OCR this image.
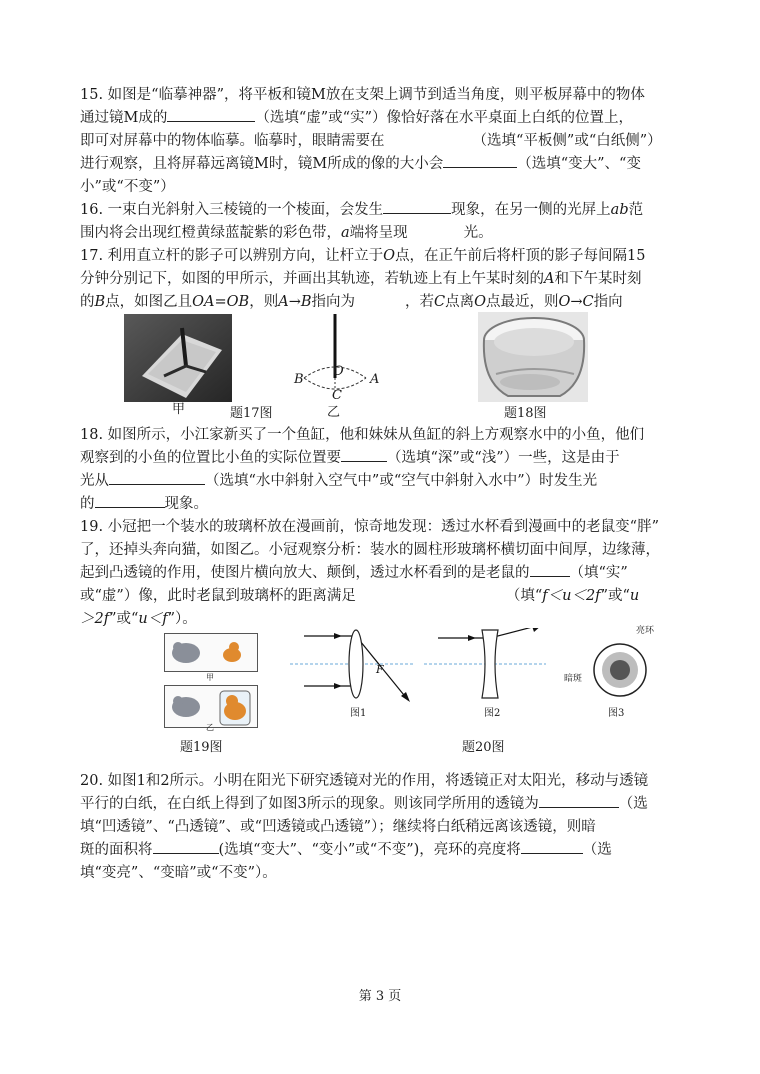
15. 如图是“临摹神器”，将平板和镜M放在支架上调节到适当角度，则平板屏幕中的物体

通过镜M成的	（选填“虚”或“实”）像恰好落在水平桌面上白纸的位置上，

即可对屏幕中的物体临摹。临摹时，眼睛需要在	（选填“平板侧”或“白纸侧”）

进行观察，且将屏幕远离镜M时，镜M所成的像的大小会	（选填“变大”、“变

小”或“不变”）

16. 一束白光斜射入三棱镜的一个棱面，会发生	现象，在另一侧的光屏上ab范

围内将会出现红橙黄绿蓝靛紫的彩色带，a端将呈现	光。

17. 利用直立杆的影子可以辨别方向，让杆立于O点，在正午前后将杆顶的影子每间隔15

分钟分别记下，如图的甲所示，并画出其轨迹，若轨迹上有上午某时刻的A和下午某时刻

的B点，如图乙且OA=OB，则A→B指向为	，若C点离O点最近，则O→C指向

甲	题17图
B
O
A
C
乙	题18图

18. 如图所示，小江家新买了一个鱼缸，他和妹妹从鱼缸的斜上方观察水中的小鱼，他们

观察到的小鱼的位置比小鱼的实际位置要	（选填“深”或“浅”）一些，这是由于

光从	（选填“水中斜射入空气中”或“空气中斜射入水中”）时发生光

的	现象。

19. 小冠把一个装水的玻璃杯放在漫画前，惊奇地发现：透过水杯看到漫画中的老鼠变“胖”

了，还掉头奔向猫，如图乙。小冠观察分析：装水的圆柱形玻璃杯横切面中间厚，边缘薄，

起到凸透镜的作用，使图片横向放大、颠倒，透过水杯看到的是老鼠的	（填“实”

或“虚”）像，此时老鼠到玻璃杯的距离满足	（填“f＜u＜2f”或“u

＞2f”或“u＜f”）。

甲
乙
题19图
F
图1	图2
亮环
暗斑
图3
题20图

20. 如图1和2所示。小明在阳光下研究透镜对光的作用，将透镜正对太阳光，移动与透镜

平行的白纸，在白纸上得到了如图3所示的现象。则该同学所用的透镜为	（选

填“凹透镜”、“凸透镜”、或“凹透镜或凸透镜”）；继续将白纸稍远离该透镜，则暗

斑的面积将	(选填“变大”、“变小”或“不变”)，亮环的亮度将	（选

填“变亮”、“变暗”或“不变”）。

第 3 页
